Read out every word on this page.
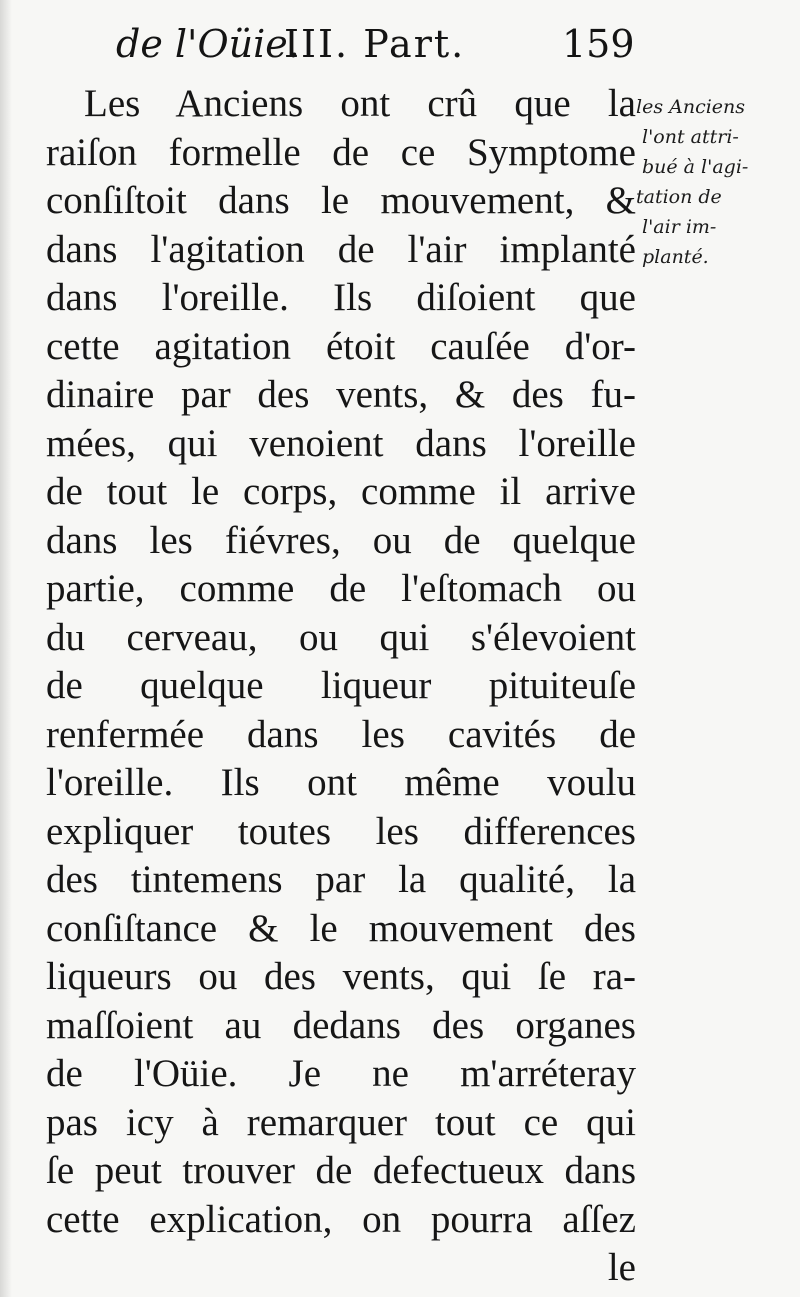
de l'Oüie.
III. Part.	159
Les Anciens ont crû que la
raiſon formelle de ce Symptome
conſiſtoit dans le mouvement, &
dans l'agitation de l'air implanté
dans l'oreille. Ils diſoient que
cette agitation étoit cauſée d'or-
dinaire par des vents, & des fu-
mées, qui venoient dans l'oreille
de tout le corps, comme il arrive
dans les fiévres, ou de quelque
partie, comme de l'eſtomach ou
du cerveau, ou qui s'élevoient
de quelque liqueur pituiteuſe
renfermée dans les cavités de
l'oreille. Ils ont même voulu
expliquer toutes les differences
des tintemens par la qualité, la
conſiſtance & le mouvement des
liqueurs ou des vents, qui ſe ra-
maſſoient au dedans des organes
de l'Oüie. Je ne m'arréteray
pas icy à remarquer tout ce qui
ſe peut trouver de defectueux dans
cette explication, on pourra aſſez
le
les Anciens
l'ont attri-
bué à l'agi-
tation de
l'air im-
planté.
